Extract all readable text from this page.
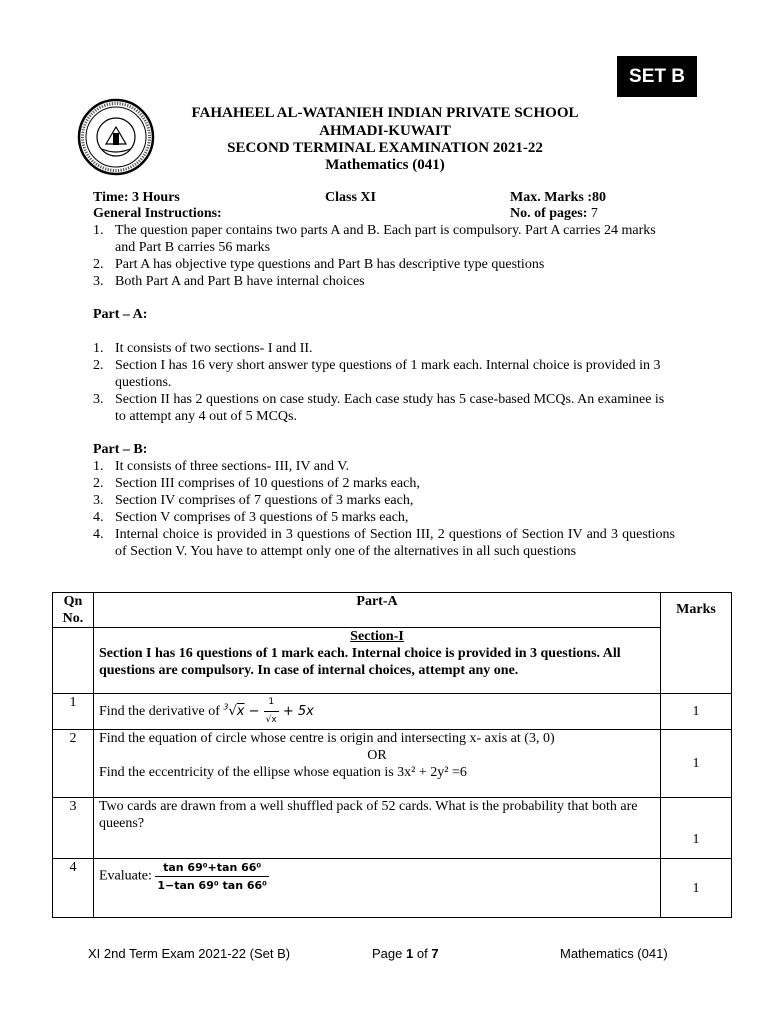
SET B
FAHAHEEL AL-WATANIEH INDIAN PRIVATE SCHOOL
AHMADI-KUWAIT
SECOND TERMINAL EXAMINATION 2021-22
Mathematics (041)
Time: 3 Hours	Class XI	Max. Marks :80
General Instructions:	No. of pages: 7
1. The question paper contains two parts A and B. Each part is compulsory. Part A carries 24 marks and Part B carries 56 marks
2. Part A has objective type questions and Part B has descriptive type questions
3. Both Part A and Part B have internal choices
Part – A:
1. It consists of two sections- I and II.
2. Section I has 16 very short answer type questions of 1 mark each. Internal choice is provided in 3 questions.
3. Section II has 2 questions on case study. Each case study has 5 case-based MCQs. An examinee is to attempt any 4 out of 5 MCQs.
Part – B:
1. It consists of three sections- III, IV and V.
2. Section III comprises of 10 questions of 2 marks each,
3. Section IV comprises of 7 questions of 3 marks each,
4. Section V comprises of 3 questions of 5 marks each,
4. Internal choice is provided in 3 questions of Section III, 2 questions of Section IV and 3 questions of Section V. You have to attempt only one of the alternatives in all such questions
Qn No.	Part-A	Marks

	Section-I
Section I has 16 questions of 1 mark each. Internal choice is provided in 3 questions. All questions are compulsory. In case of internal choices, attempt any one.	

1	Find the derivative of $^3√x - \frac{1}{√x} + 5x$	1
2	Find the equation of circle whose centre is origin and intersecting x- axis at (3, 0)
OR
Find the eccentricity of the ellipse whose equation is 3x² + 2y² =6	1
3	Two cards are drawn from a well shuffled pack of 52 cards. What is the probability that both are queens?	1
4	Evaluate: $\frac{\text{tan 69⁰+tan 66⁰}}{\text{1−tan 69⁰ tan 66⁰}}$	1
XI 2nd Term Exam 2021-22 (Set B)	Page 1 of 7	Mathematics (041)
